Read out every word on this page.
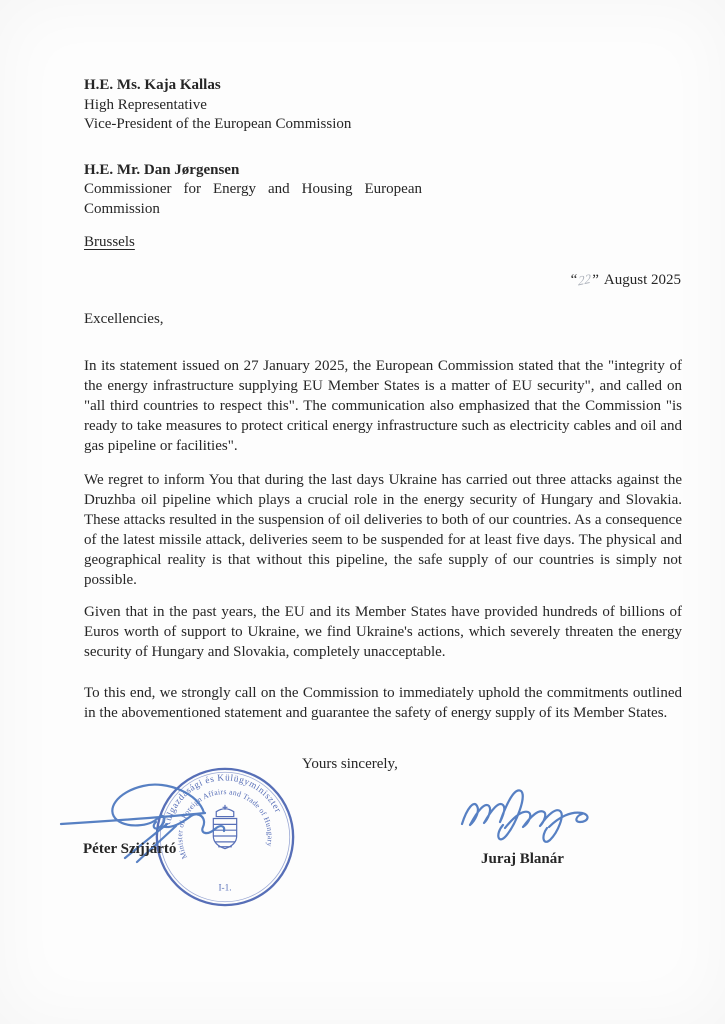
H.E. Ms. Kaja Kallas
High Representative
Vice-President of the European Commission
H.E. Mr. Dan Jørgensen
Commissioner for Energy and Housing European Commission
Brussels
“22” August 2025
Excellencies,

In its statement issued on 27 January 2025, the European Commission stated that the "integrity of the energy infrastructure supplying EU Member States is a matter of EU security", and called on "all third countries to respect this". The communication also emphasized that the Commission "is ready to take measures to protect critical energy infrastructure such as electricity cables and oil and gas pipeline or facilities".

We regret to inform You that during the last days Ukraine has carried out three attacks against the Druzhba oil pipeline which plays a crucial role in the energy security of Hungary and Slovakia. These attacks resulted in the suspension of oil deliveries to both of our countries. As a consequence of the latest missile attack, deliveries seem to be suspended for at least five days. The physical and geographical reality is that without this pipeline, the safe supply of our countries is simply not possible.

Given that in the past years, the EU and its Member States have provided hundreds of billions of Euros worth of support to Ukraine, we find Ukraine's actions, which severely threaten the energy security of Hungary and Slovakia, completely unacceptable.

To this end, we strongly call on the Commission to immediately uphold the commitments outlined in the abovementioned statement and guarantee the safety of energy supply of its Member States.

Yours sincerely,
Külgazdasági és Külügyminiszter
Minister of Foreign Affairs and Trade of Hungary
I-1.
Péter Szijjártó
Juraj Blanár
